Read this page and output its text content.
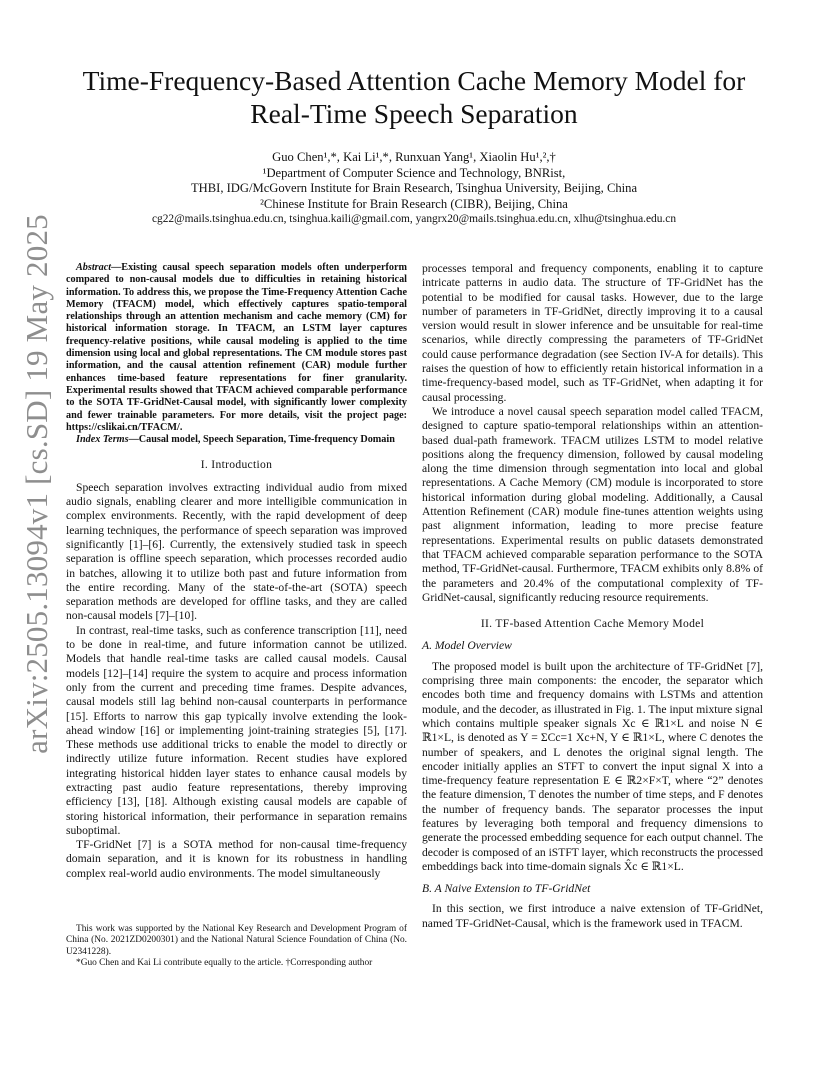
arXiv:2505.13094v1 [cs.SD] 19 May 2025
Time-Frequency-Based Attention Cache Memory Model for
Real-Time Speech Separation
Guo Chen¹,*, Kai Li¹,*, Runxuan Yang¹, Xiaolin Hu¹,²,†
¹Department of Computer Science and Technology, BNRist,
THBI, IDG/McGovern Institute for Brain Research, Tsinghua University, Beijing, China
²Chinese Institute for Brain Research (CIBR), Beijing, China
cg22@mails.tsinghua.edu.cn, tsinghua.kaili@gmail.com, yangrx20@mails.tsinghua.edu.cn, xlhu@tsinghua.edu.cn

Abstract—Existing causal speech separation models often underperform compared to non-causal models due to difficulties in retaining historical information. To address this, we propose the Time-Frequency Attention Cache Memory (TFACM) model, which effectively captures spatio-temporal relationships through an attention mechanism and cache memory (CM) for historical information storage. In TFACM, an LSTM layer captures frequency-relative positions, while causal modeling is applied to the time dimension using local and global representations. The CM module stores past information, and the causal attention refinement (CAR) module further enhances time-based feature representations for finer granularity. Experimental results showed that TFACM achieved comparable performance to the SOTA TF-GridNet-Causal model, with significantly lower complexity and fewer trainable parameters. For more details, visit the project page: https://cslikai.cn/TFACM/.

Index Terms—Causal model, Speech Separation, Time-frequency Domain

I. Introduction

Speech separation involves extracting individual audio from mixed audio signals, enabling clearer and more intelligible communication in complex environments. Recently, with the rapid development of deep learning techniques, the performance of speech separation was improved significantly [1]–[6]. Currently, the extensively studied task in speech separation is offline speech separation, which processes recorded audio in batches, allowing it to utilize both past and future information from the entire recording. Many of the state-of-the-art (SOTA) speech separation methods are developed for offline tasks, and they are called non-causal models [7]–[10].

In contrast, real-time tasks, such as conference transcription [11], need to be done in real-time, and future information cannot be utilized. Models that handle real-time tasks are called causal models. Causal models [12]–[14] require the system to acquire and process information only from the current and preceding time frames. Despite advances, causal models still lag behind non-causal counterparts in performance [15]. Efforts to narrow this gap typically involve extending the look-ahead window [16] or implementing joint-training strategies [5], [17]. These methods use additional tricks to enable the model to directly or indirectly utilize future information. Recent studies have explored integrating historical hidden layer states to enhance causal models by extracting past audio feature representations, thereby improving efficiency [13], [18]. Although existing causal models are capable of storing historical information, their performance in separation remains suboptimal.

TF-GridNet [7] is a SOTA method for non-causal time-frequency domain separation, and it is known for its robustness in handling complex real-world audio environments. The model simultaneously

This work was supported by the National Key Research and Development Program of China (No. 2021ZD0200301) and the National Natural Science Foundation of China (No. U2341228).

*Guo Chen and Kai Li contribute equally to the article. †Corresponding author

processes temporal and frequency components, enabling it to capture intricate patterns in audio data. The structure of TF-GridNet has the potential to be modified for causal tasks. However, due to the large number of parameters in TF-GridNet, directly improving it to a causal version would result in slower inference and be unsuitable for real-time scenarios, while directly compressing the parameters of TF-GridNet could cause performance degradation (see Section IV-A for details). This raises the question of how to efficiently retain historical information in a time-frequency-based model, such as TF-GridNet, when adapting it for causal processing.

We introduce a novel causal speech separation model called TFACM, designed to capture spatio-temporal relationships within an attention-based dual-path framework. TFACM utilizes LSTM to model relative positions along the frequency dimension, followed by causal modeling along the time dimension through segmentation into local and global representations. A Cache Memory (CM) module is incorporated to store historical information during global modeling. Additionally, a Causal Attention Refinement (CAR) module fine-tunes attention weights using past alignment information, leading to more precise feature representations. Experimental results on public datasets demonstrated that TFACM achieved comparable separation performance to the SOTA method, TF-GridNet-causal. Furthermore, TFACM exhibits only 8.8% of the parameters and 20.4% of the computational complexity of TF-GridNet-causal, significantly reducing resource requirements.

II. TF-based Attention Cache Memory Model
A. Model Overview

The proposed model is built upon the architecture of TF-GridNet [7], comprising three main components: the encoder, the separator which encodes both time and frequency domains with LSTMs and attention module, and the decoder, as illustrated in Fig. 1. The input mixture signal which contains multiple speaker signals Xc ∈ ℝ1×L and noise N ∈ ℝ1×L, is denoted as Y = ΣCc=1 Xc+N, Y ∈ ℝ1×L, where C denotes the number of speakers, and L denotes the original signal length. The encoder initially applies an STFT to convert the input signal X into a time-frequency feature representation E ∈ ℝ2×F×T, where “2” denotes the feature dimension, T denotes the number of time steps, and F denotes the number of frequency bands. The separator processes the input features by leveraging both temporal and frequency dimensions to generate the processed embedding sequence for each output channel. The decoder is composed of an iSTFT layer, which reconstructs the processed embeddings back into time-domain signals X̂c ∈ ℝ1×L.

B. A Naive Extension to TF-GridNet

In this section, we first introduce a naive extension of TF-GridNet, named TF-GridNet-Causal, which is the framework used in TFACM.
